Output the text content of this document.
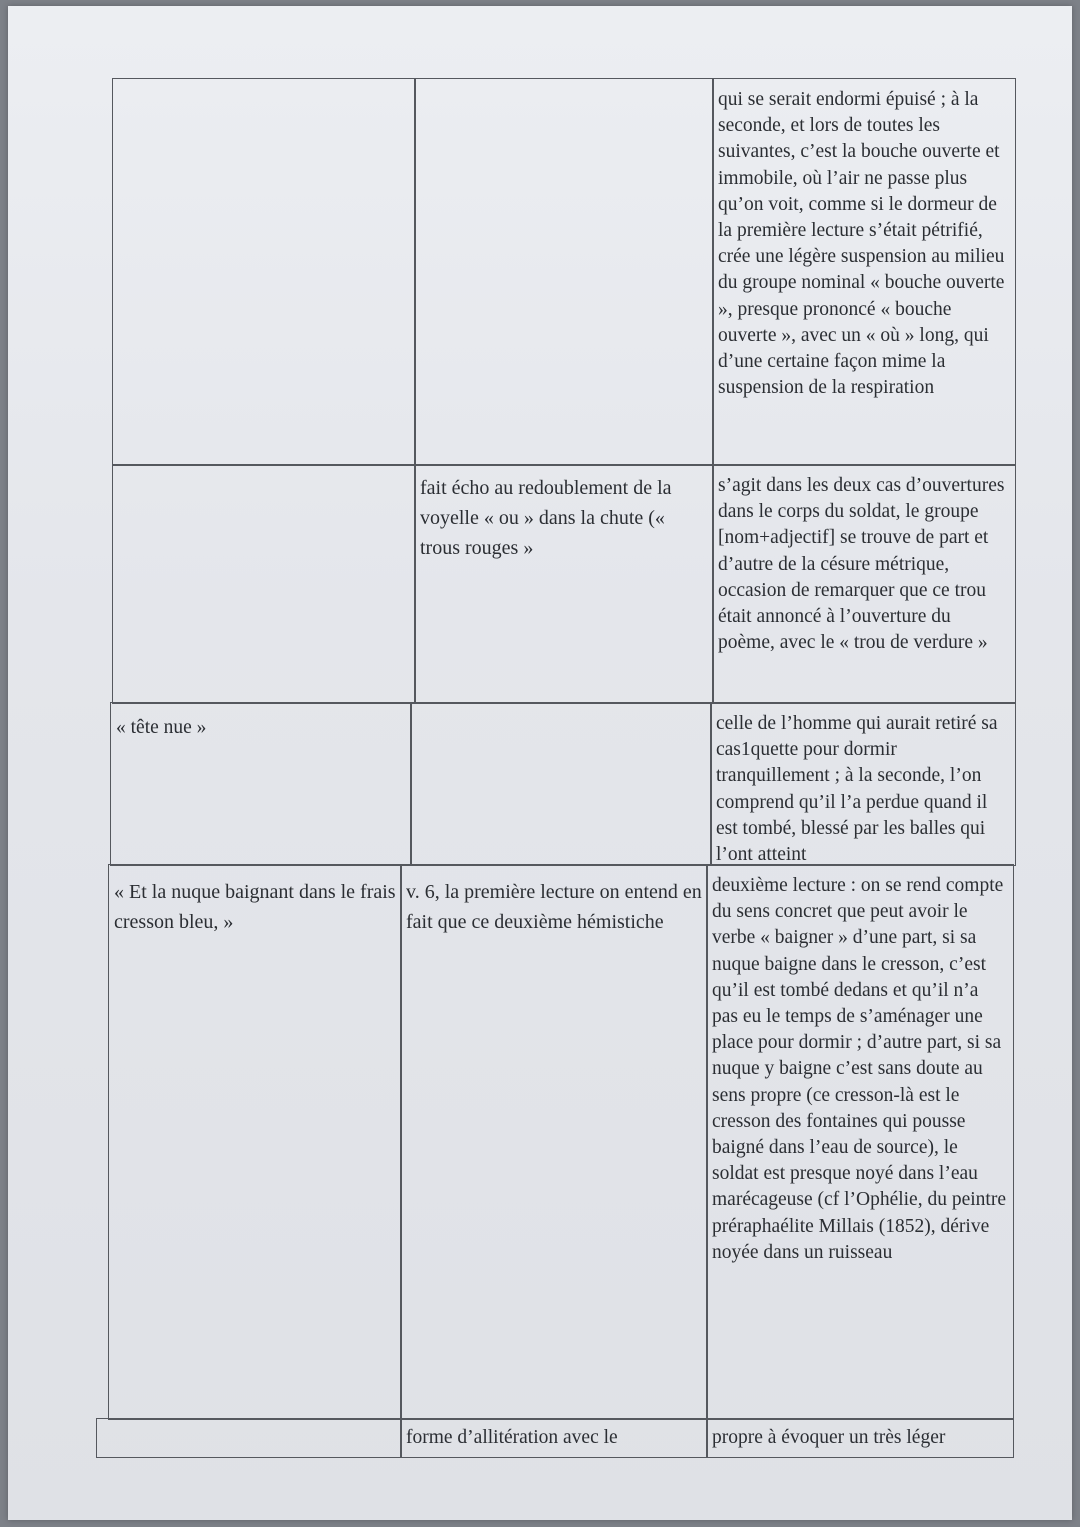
qui se serait endormi épuisé ; à la seconde, et lors de toutes les suivantes, c’est la bouche ouverte et immobile, où l’air ne passe plus qu’on voit, comme si le dormeur de la première lecture s’était pétrifié, crée une légère suspension au milieu du groupe nominal « bouche ouverte », presque prononcé « bouche ouverte », avec un « où » long, qui d’une certaine façon mime la suspension de la respiration
fait écho au redoublement de la voyelle « ou » dans la chute (« trous rouges »
s’agit dans les deux cas d’ouvertures dans le corps du soldat, le groupe [nom+adjectif] se trouve de part et d’autre de la césure métrique, occasion de remarquer que ce trou était annoncé à l’ouverture du poème, avec le « trou de verdure »
« tête nue »	celle de l’homme qui aurait retiré sa cas1quette pour dormir tranquillement ; à la seconde, l’on comprend qu’il l’a perdue quand il est tombé, blessé par les balles qui l’ont atteint
« Et la nuque baignant dans le frais cresson bleu, »
v. 6, la première lecture on entend en fait que ce deuxième hémistiche
deuxième lecture : on se rend compte du sens concret que peut avoir le verbe « baigner » d’une part, si sa nuque baigne dans le cresson, c’est qu’il est tombé dedans et qu’il n’a pas eu le temps de s’aménager une place pour dormir ; d’autre part, si sa nuque y baigne c’est sans doute au sens propre (ce cresson-là est le cresson des fontaines qui pousse baigné dans l’eau de source), le soldat est presque noyé dans l’eau marécageuse (cf l’Ophélie, du peintre préraphaélite Millais (1852), dérive noyée dans un ruisseau
forme d’allitération avec le	propre à évoquer un très léger
